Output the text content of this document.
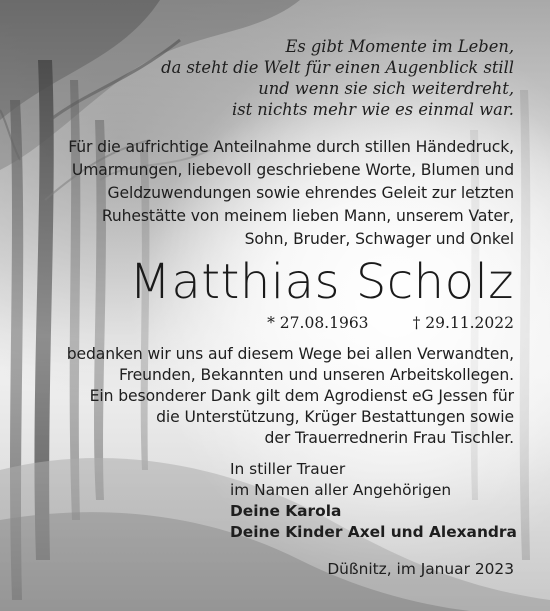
Es gibt Momente im Leben,
da steht die Welt für einen Augenblick still
und wenn sie sich weiterdreht,
ist nichts mehr wie es einmal war.
Für die aufrichtige Anteilnahme durch stillen Händedruck,
Umarmungen, liebevoll geschriebene Worte, Blumen und
Geldzuwendungen sowie ehrendes Geleit zur letzten
Ruhestätte von meinem lieben Mann, unserem Vater,
Sohn, Bruder, Schwager und Onkel
Matthias Scholz
* 27.08.1963	† 29.11.2022
bedanken wir uns auf diesem Wege bei allen Verwandten,
Freunden, Bekannten und unseren Arbeitskollegen.
Ein besonderer Dank gilt dem Agrodienst eG Jessen für
die Unterstützung, Krüger Bestattungen sowie
der Trauerrednerin Frau Tischler.
In stiller Trauer
im Namen aller Angehörigen
Deine Karola
Deine Kinder Axel und Alexandra
Düßnitz, im Januar 2023
